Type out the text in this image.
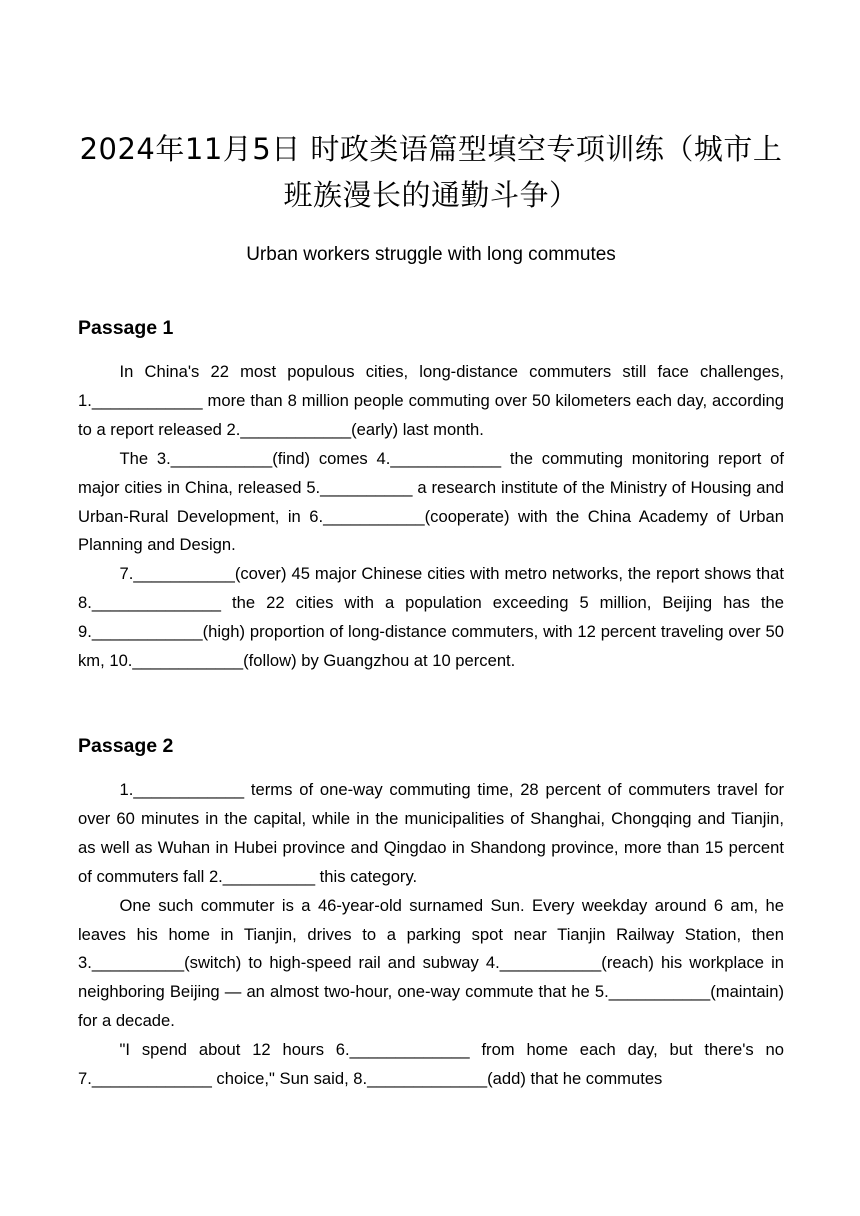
2024年11月5日 时政类语篇型填空专项训练（城市上班族漫长的通勤斗争）
Urban workers struggle with long commutes
Passage 1

In China's 22 most populous cities, long-distance commuters still face challenges, 1.____________ more than 8 million people commuting over 50 kilometers each day, according to a report released 2.____________(early) last month.

The 3.___________(find) comes 4.____________ the commuting monitoring report of major cities in China, released 5.__________ a research institute of the Ministry of Housing and Urban-Rural Development, in 6.___________(cooperate) with the China Academy of Urban Planning and Design.

7.___________(cover) 45 major Chinese cities with metro networks, the report shows that 8.______________ the 22 cities with a population exceeding 5 million, Beijing has the 9.____________(high) proportion of long-distance commuters, with 12 percent traveling over 50 km, 10.____________(follow) by Guangzhou at 10 percent.

Passage 2

1.____________ terms of one-way commuting time, 28 percent of commuters travel for over 60 minutes in the capital, while in the municipalities of Shanghai, Chongqing and Tianjin, as well as Wuhan in Hubei province and Qingdao in Shandong province, more than 15 percent of commuters fall 2.__________ this category.

One such commuter is a 46-year-old surnamed Sun. Every weekday around 6 am, he leaves his home in Tianjin, drives to a parking spot near Tianjin Railway Station, then 3.__________(switch) to high-speed rail and subway 4.___________(reach) his workplace in neighboring Beijing — an almost two-hour, one-way commute that he 5.___________(maintain) for a decade.

"I spend about 12 hours 6._____________ from home each day, but there's no 7._____________ choice," Sun said, 8._____________(add) that he commutes
